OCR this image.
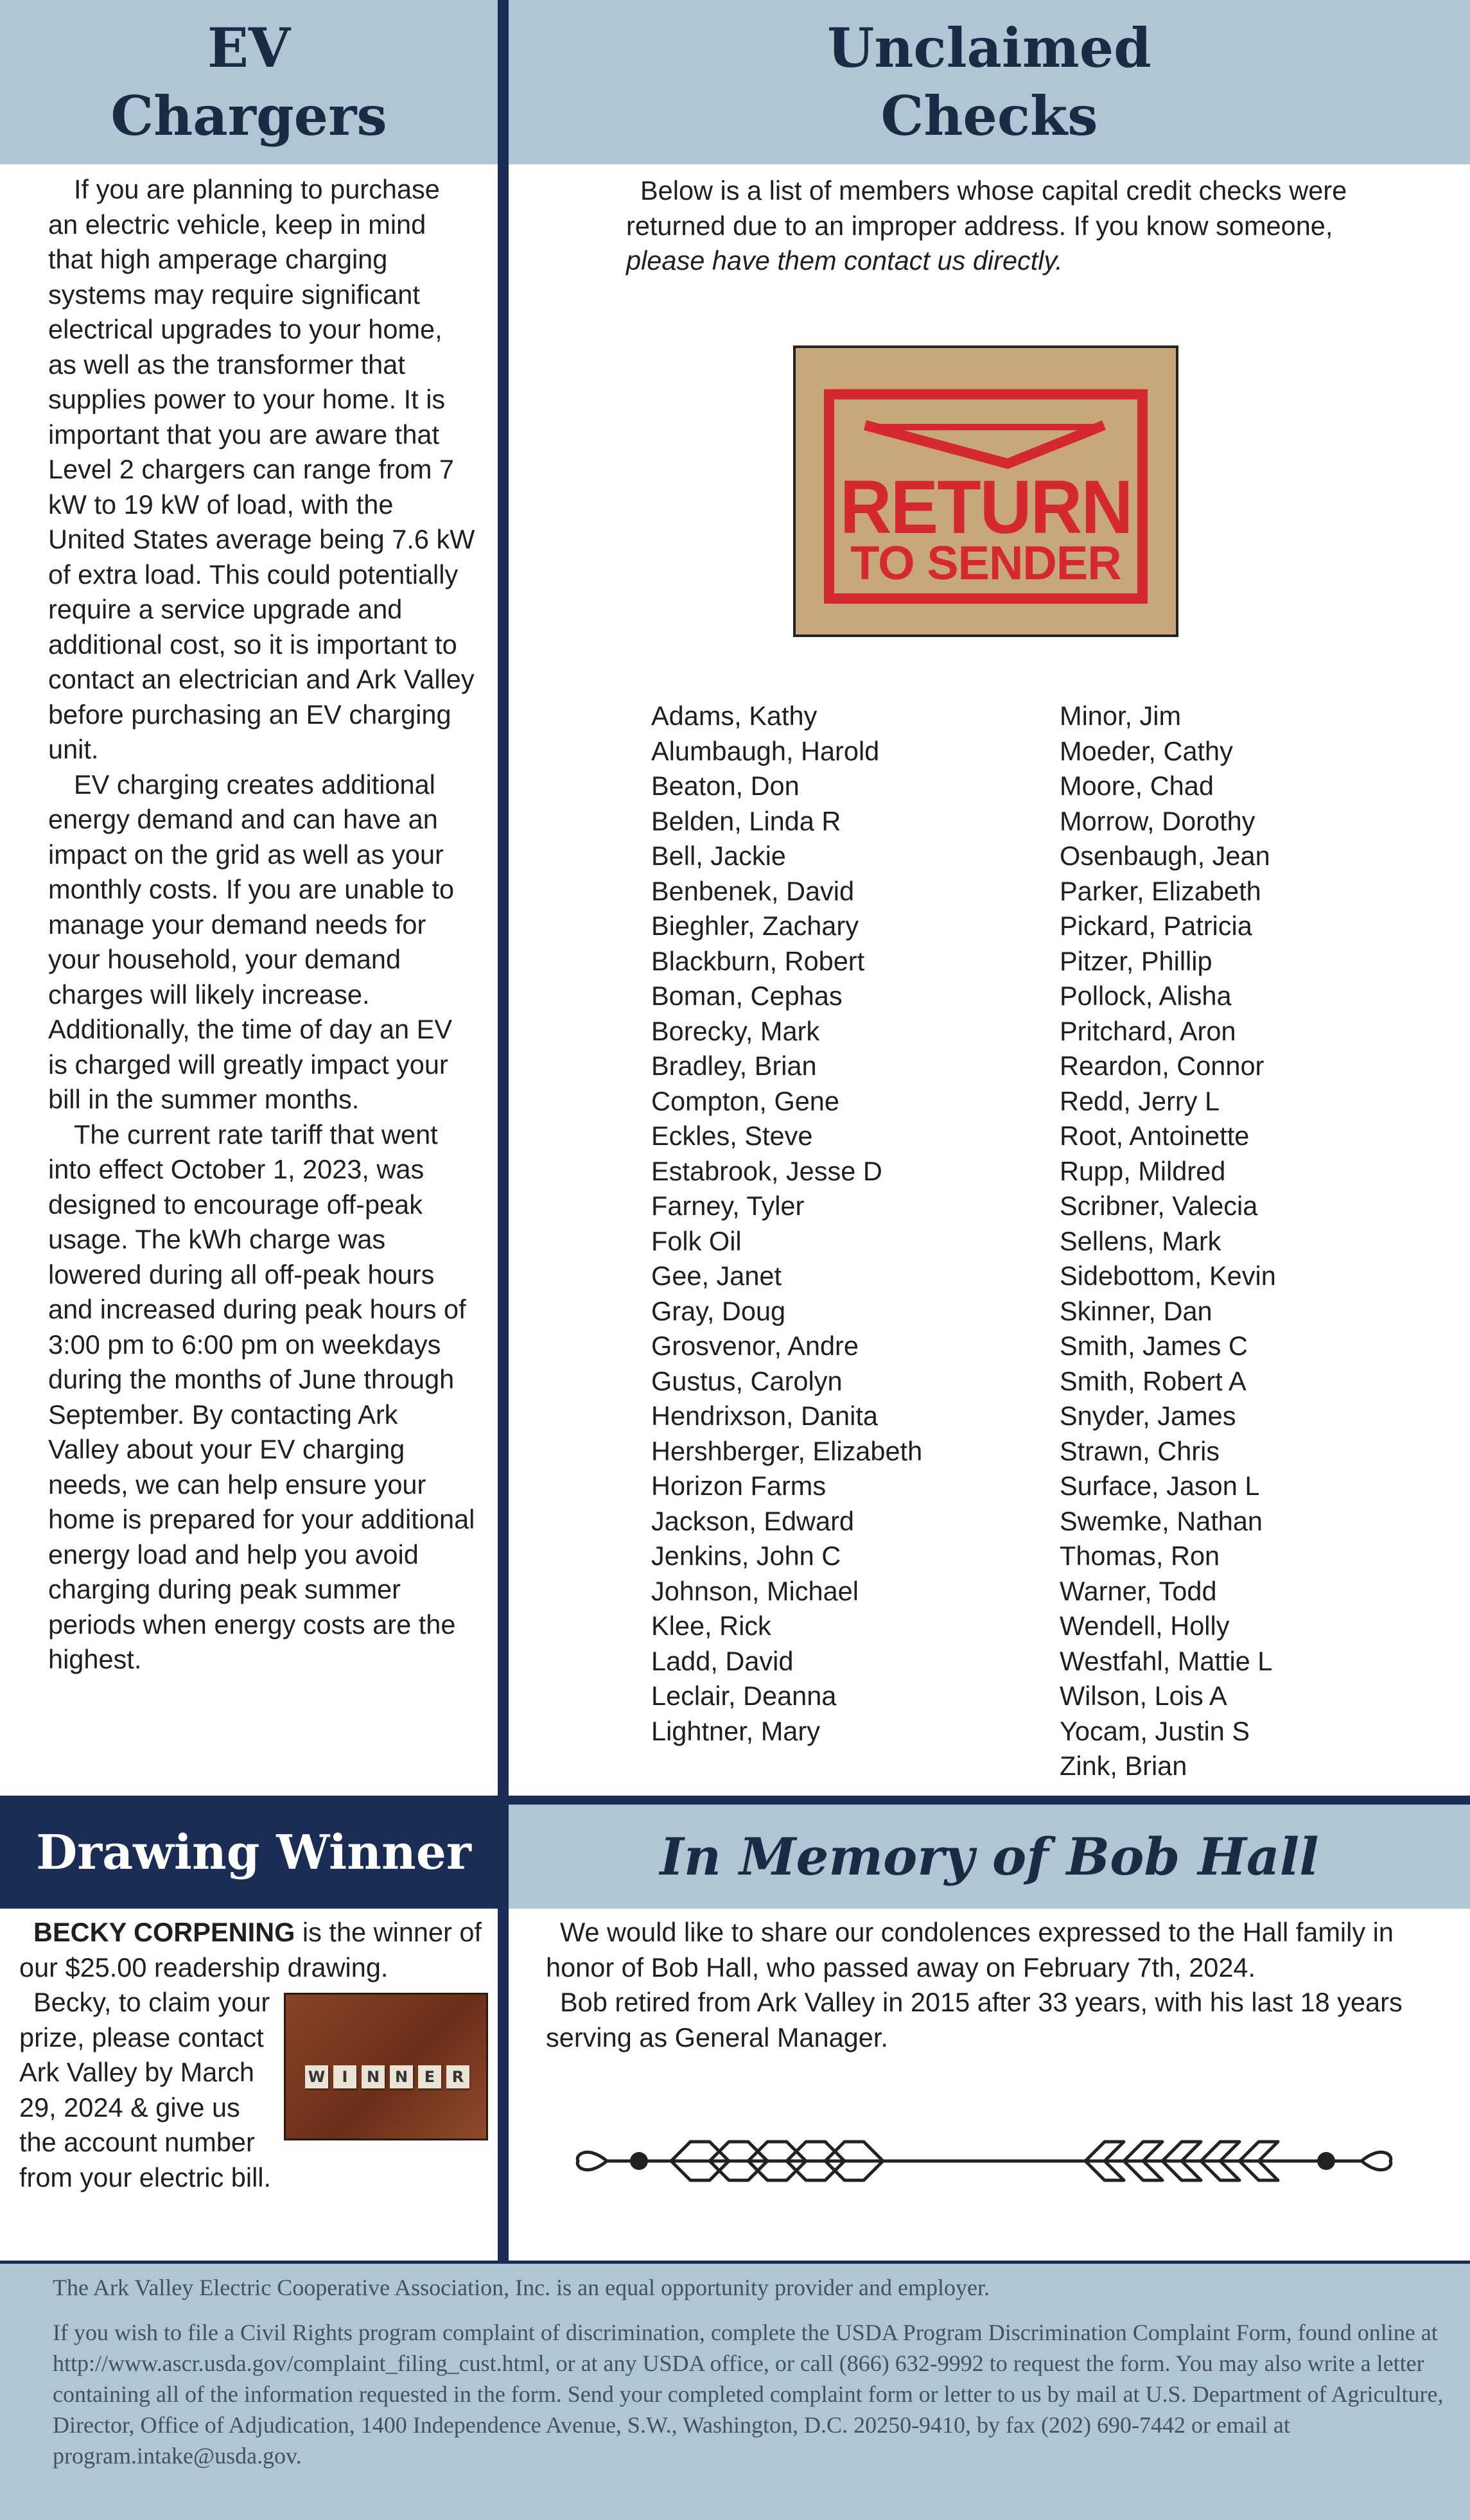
EV
Chargers
Unclaimed
Checks

If you are planning to purchase an electric vehicle, keep in mind that high amperage charging systems may require significant electrical upgrades to your home, as well as the transformer that supplies power to your home. It is important that you are aware that Level 2 chargers can range from 7 kW to 19 kW of load, with the United States average being 7.6 kW of extra load. This could potentially require a service upgrade and additional cost, so it is important to contact an electrician and Ark Valley before purchasing an EV charging unit.

EV charging creates additional energy demand and can have an impact on the grid as well as your monthly costs. If you are unable to manage your demand needs for your household, your demand charges will likely increase. Additionally, the time of day an EV is charged will greatly impact your bill in the summer months.

The current rate tariff that went into effect October 1, 2023, was designed to encourage off-peak usage. The kWh charge was lowered during all off-peak hours and increased during peak hours of 3:00 pm to 6:00 pm on weekdays during the months of June through September. By contacting Ark Valley about your EV charging needs, we can help ensure your home is prepared for your additional energy load and help you avoid charging during peak summer periods when energy costs are the highest.

Below is a list of members whose capital credit checks were returned due to an improper address. If you know someone, please have them contact us directly.

RETURN
TO SENDER
Adams, Kathy
Alumbaugh, Harold
Beaton, Don
Belden, Linda R
Bell, Jackie
Benbenek, David
Bieghler, Zachary
Blackburn, Robert
Boman, Cephas
Borecky, Mark
Bradley, Brian
Compton, Gene
Eckles, Steve
Estabrook, Jesse D
Farney, Tyler
Folk Oil
Gee, Janet
Gray, Doug
Grosvenor, Andre
Gustus, Carolyn
Hendrixson, Danita
Hershberger, Elizabeth
Horizon Farms
Jackson, Edward
Jenkins, John C
Johnson, Michael
Klee, Rick
Ladd, David
Leclair, Deanna
Lightner, Mary
Minor, Jim
Moeder, Cathy
Moore, Chad
Morrow, Dorothy
Osenbaugh, Jean
Parker, Elizabeth
Pickard, Patricia
Pitzer, Phillip
Pollock, Alisha
Pritchard, Aron
Reardon, Connor
Redd, Jerry L
Root, Antoinette
Rupp, Mildred
Scribner, Valecia
Sellens, Mark
Sidebottom, Kevin
Skinner, Dan
Smith, James C
Smith, Robert A
Snyder, James
Strawn, Chris
Surface, Jason L
Swemke, Nathan
Thomas, Ron
Warner, Todd
Wendell, Holly
Westfahl, Mattie L
Wilson, Lois A
Yocam, Justin S
Zink, Brian
Drawing Winner	In Memory of Bob Hall

BECKY CORPENING is the winner of our $25.00 readership drawing.

W	I	N N	E	R

Becky, to claim your prize, please contact Ark Valley by March 29, 2024 & give us the account number from your electric bill.

We would like to share our condolences expressed to the Hall family in honor of Bob Hall, who passed away on February 7th, 2024.

Bob retired from Ark Valley in 2015 after 33 years, with his last 18 years serving as General Manager.

The Ark Valley Electric Cooperative Association, Inc. is an equal opportunity provider and employer.

If you wish to file a Civil Rights program complaint of discrimination, complete the USDA Program Discrimination Complaint Form, found online at http://www.ascr.usda.gov/complaint_filing_cust.html, or at any USDA office, or call (866) 632-9992 to request the form. You may also write a letter containing all of the information requested in the form. Send your completed complaint form or letter to us by mail at U.S. Department of Agriculture, Director, Office of Adjudication, 1400 Independence Avenue, S.W., Washington, D.C. 20250-9410, by fax (202) 690-7442 or email at program.intake@usda.gov.
